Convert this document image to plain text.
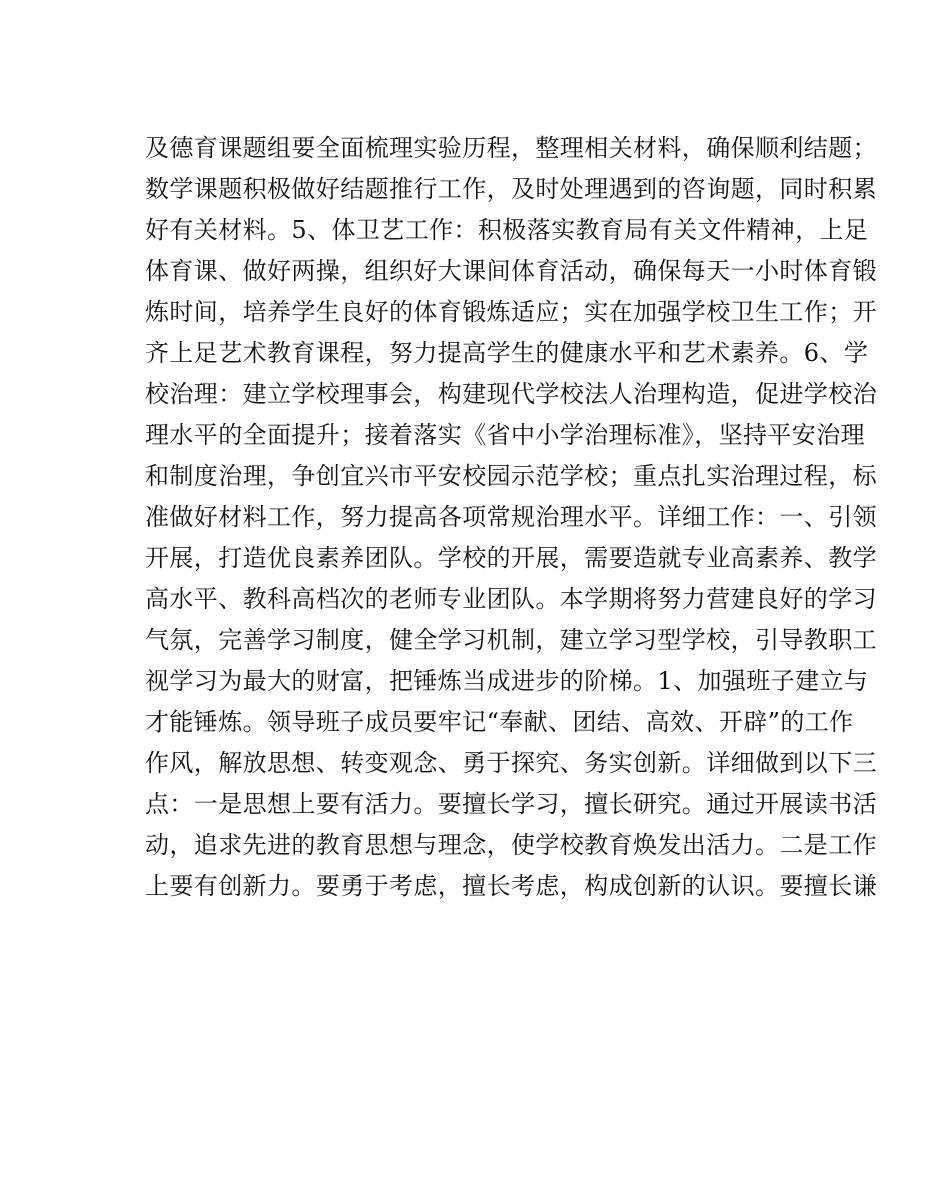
及德育课题组要全面梳理实验历程，整理相关材料，确保顺利结题；
数学课题积极做好结题推行工作，及时处理遇到的咨询题，同时积累
好有关材料。5、体卫艺工作：积极落实教育局有关文件精神，上足
体育课、做好两操，组织好大课间体育活动，确保每天一小时体育锻
炼时间，培养学生良好的体育锻炼适应；实在加强学校卫生工作；开
齐上足艺术教育课程，努力提高学生的健康水平和艺术素养。6、学
校治理：建立学校理事会，构建现代学校法人治理构造，促进学校治
理水平的全面提升；接着落实《省中小学治理标准》，坚持平安治理
和制度治理，争创宜兴市平安校园示范学校；重点扎实治理过程，标
准做好材料工作，努力提高各项常规治理水平。详细工作：一、引领
开展，打造优良素养团队。学校的开展，需要造就专业高素养、教学
高水平、教科高档次的老师专业团队。本学期将努力营建良好的学习
气氛，完善学习制度，健全学习机制，建立学习型学校，引导教职工
视学习为最大的财富，把锤炼当成进步的阶梯。1、加强班子建立与
才能锤炼。领导班子成员要牢记“奉献、团结、高效、开辟”的工作
作风，解放思想、转变观念、勇于探究、务实创新。详细做到以下三
点：一是思想上要有活力。要擅长学习，擅长研究。通过开展读书活
动，追求先进的教育思想与理念，使学校教育焕发出活力。二是工作
上要有创新力。要勇于考虑，擅长考虑，构成创新的认识。要擅长谦
